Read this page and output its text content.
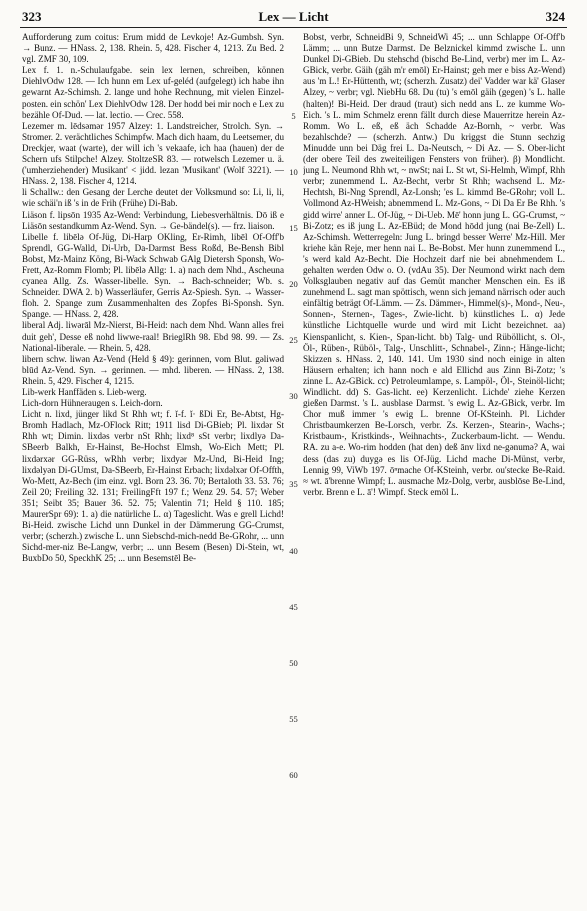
323	Lex — Licht	324

Aufforderung zum coitus: Erum midd de Levkoje! Az-Gumbsh. Syn. → Bunz. — HNass. 2, 138. Rhein. 5, 428. Fischer 4, 1213. Zu Bed. 2 vgl. ZMF 30, 109.

Lex f. 1. n.-Schulaufgabe. sein lex lernen, schreiben, können DiehlvOdw 128. — Ich hunn em Lex uf-geléd (aufgelegt) ich habe ihn gewarnt Az-Schimsh. 2. lange und hohe Rechnung, mit vielen Einzel-posten. ein schön' Lex DiehlvOdw 128. Der hodd bei mir noch e Lex zu bezähle Of-Dud. — lat. lectio. — Crec. 558.

Lezemer m. lēdsəmər 1957 Alzey: 1. Landstreicher, Strolch. Syn. → Stromer. 2. verächtliches Schimpfw. Mach dich haam, du Leetsemer, du Dreckjer, waat (warte), der will ich 's vekaafe, ich haa (hauen) der de Schern ufs Stilpche! Alzey. StoltzeSR 83. — rotwelsch Lezemer u. ä. ('umherziehender) Musikant' < jidd. lezan 'Musikant' (Wolf 3221). — HNass. 2, 138. Fischer 4, 1214.

li Schallw.: den Gesang der Lerche deutet der Volksmund so: Li, li, li, wie schäi'n iß 's in de Frih (Frühe) Di-Bab.

Liäson f. lipsōn 1935 Az-Wend: Verbindung, Liebesverhältnis. Dō iß e Liäsōn sestandkumm Az-Wend. Syn. → Ge-bändel(s). — frz. liaison.

Libelle f. libēlǝ Of-Jüg, Di-Harp OKling, Er-Rimh, libēl Of-Off'b Sprendl, GG-Walld, Di-Urb, Da-Darmst Bess Roßd, Be-Bensh Bibl Bobst, Mz-Mainz Köng, Bi-Wack Schwab GAlg Dietersh Sponsh, Wo-Frett, Az-Romm Flomb; Pl. libēlǝ Allg: 1. a) nach dem Nhd., Ascheuna cyanea Allg. Zs. Wasser-libelle. Syn. → Bach-schneider; Wb. s. Schneider. DWA 2. b) Wasserläufer, Gerris Az-Spiesh. Syn. → Wasser-floh. 2. Spange zum Zusammenhalten des Zopfes Bi-Sponsh. Syn. Spange. — HNass. 2, 428.

liberal Adj. liwǝrāl Mz-Nierst, Bi-Heid: nach dem Nhd. Wann alles frei duit geh', Desse eß nohd liwwe-raal! BrieglRh 98. Ebd 98. 99. — Zs. National-liberale. — Rhein. 5, 428.

libern schw. liwǝn Az-Vend (Held § 49): gerinnen, vom Blut. gǝliwǝd blūd Az-Vend. Syn. → gerinnen. — mhd. liberen. — HNass. 2, 138. Rhein. 5, 429. Fischer 4, 1215.

Lib-werk Hanffäden s. Lieb-werg.

Lich-dorn Hühneraugen s. Leich-dorn.

Licht n. lixd, jünger likd St Rhh wt; f. ĭ-f. ĭ· ßDi Er, Be-Abtst, Hg-Bromh Hadlach, Mz-OFlock Ritt; 1911 lisd Di-GBieb; Pl. lixdǝr St Rhh wt; Dimin. lixdǝs verbr nSt Rhh; lixd⁸ sSt verbr; lixdlyǝ Da-SBeerb Balkh, Er-Hainst, Be-Hochst Elmsh, Wo-Eich Mett; Pl. lixdǝrxǝr GG-Rüss, wRhh verbr; lixdyǝr Mz-Und, Bi-Heid Ing; lixdǝlyǝn Di-GUmst, Da-SBeerb, Er-Hainst Erbach; lixdǝlxǝr Of-Offth, Wo-Mett, Az-Bech (im einz. vgl. Born 23. 36. 70; Bertaloth 33. 53. 76; Zeil 20; Freiling 32. 131; FreilingFft 197 f.; Wenz 29. 54. 57; Weber 351; Seibt 35; Bauer 36. 52. 75; Valentin 71; Held § 110. 185; MaurerSpr 69): 1. a) die natürliche L. α) Tageslicht. Was e grell Lichd! Bi-Heid. zwische Lichd unn Dunkel in der Dämmerung GG-Crumst, verbr; (scherzh.) zwische L. unn Siebschd-mich-nedd Be-GRohr, ... unn Sichd-mer-niz Be-Langw, verbr; ... unn Besem (Besen) Di-Stein, wt, BuxbDo 50, SpeckhK 25; ... unn Besemstēl Be-

Bobst, verbr, SchneidBi 9, SchneidWi 45; ... unn Schlappe Of-Off'b Lämm; ... unn Butze Darmst. De Belznickel kimmd zwische L. unn Dunkel Di-GBieb. Du stehschd (bischd Be-Lind, verbr) mer im L. Az-GBick, verbr. Gäih (gäh m'r emōl) Er-Hainst; geh mer e biss Az-Wend) aus 'm L.! Er-Hüttenth, wt; (scherzh. Zusatz) dei' Vadder war kä' Glaser Alzey, ~ verbr; vgl. NiebHu 68. Du (tu) 's emōl gäih (gegen) 's L. halle (halten)! Bi-Heid. Der draud (traut) sich nedd ans L. ze kumme Wo-Eich. 's L. mim Schmelz erenn fällt durch diese Mauerritze herein Az-Romm. Wo L. eß, eß äch Schadde Az-Bornh, ~ verbr. Was bezahlschde? — (scherzh. Antw.) Du kriggst die Stunn sechzig Minudde unn bei Däg frei L. Da-Neutsch, ~ Di Az. — S. Ober-licht (der obere Teil des zweiteiligen Fensters von früher). β) Mondlicht. jung L. Neumond Rhh wt, ~ nwSt; nai L. St wt, Si-Helmh, Wimpf, Rhh verbr; zunemmend L. Az-Becht, verbr St Rhh; wachsend L. Mz-Hechtsh, Bi-Nng Sprendl, Az-Lonsh; 'es L. kimmd Be-GRohr; voll L. Vollmond Az-HWeish; abnemmend L. Mz-Gons, ~ Di Da Er Be Rhh. 's gidd wirre' anner L. Of-Jüg, ~ Di-Ueb. Mē' honn jung L. GG-Crumst, ~ Bi-Zotz; es iß jung L. Az-EBüd; de Mond hōdd jung (nai Be-Zell) L. Az-Schimsh. Wetterregeln: Jung L. bringd besser Werre' Mz-Hill. Mer kriehe kän Reje, mer henn nai L. Be-Bobst. Mer hunn zunemmend L., 's werd kald Az-Becht. Die Hochzeit darf nie bei abnehmendem L. gehalten werden Odw o. O. (vdAu 35). Der Neumond wirkt nach dem Volksglauben negativ auf das Gemüt mancher Menschen ein. Es iß zunehmend L. sagt man spöttisch, wenn sich jemand närrisch oder auch einfältig beträgt Of-Lämm. — Zs. Dämmer-, Himmel(s)-, Mond-, Neu-, Sonnen-, Sternen-, Tages-, Zwie-licht. b) künstliches L. α) Jede künstliche Lichtquelle wurde und wird mit Licht bezeichnet. aa) Kienspanlicht, s. Kien-, Span-licht. bb) Talg- und Rüböllicht, s. Ol-, Öl-, Rüben-, Rüböl-, Talg-, Unschlitt-, Schnabel-, Zinn-; Hänge-licht; Skizzen s. HNass. 2, 140. 141. Um 1930 sind noch einige in alten Häusern erhalten; ich hann noch e ald Ellichd aus Zinn Bi-Zotz; 's zinne L. Az-GBick. cc) Petroleumlampe, s. Lampöl-, Öl-, Steinöl-licht; Windlicht. dd) S. Gas-licht. ee) Kerzenlicht. Lichde' ziehe Kerzen gießen Darmst. 's L. ausblase Darmst. 's ewig L. Az-GBick, verbr. Im Chor muß immer 's ewig L. brenne Of-KSteinh. Pl. Lichder Christbaumkerzen Be-Lorsch, verbr. Zs. Kerzen-, Stearin-, Wachs-; Kristbaum-, Kristkinds-, Weihnachts-, Zuckerbaum-licht. — Wendu. RA. zu a-e. Wo-rim hodden (hat den) deß ānv lixd ne-gǝnumǝ? A, wai dess (das zu) duygǝ es lis Of-Jüg. Lichd mache Di-Münst, verbr, Lennig 99, ViWb 197. ōⁿmache Of-KSteinh, verbr. ou'stecke Be-Raid. ≈ wt. ā'brenne Wimpf; L. ausmache Mz-Dolg, verbr, ausblōse Be-Lind, verbr. Brenn e L. ā'! Wimpf. Steck emōl L.

5
10
15
20
25
30
35
40
45
50
55
60
